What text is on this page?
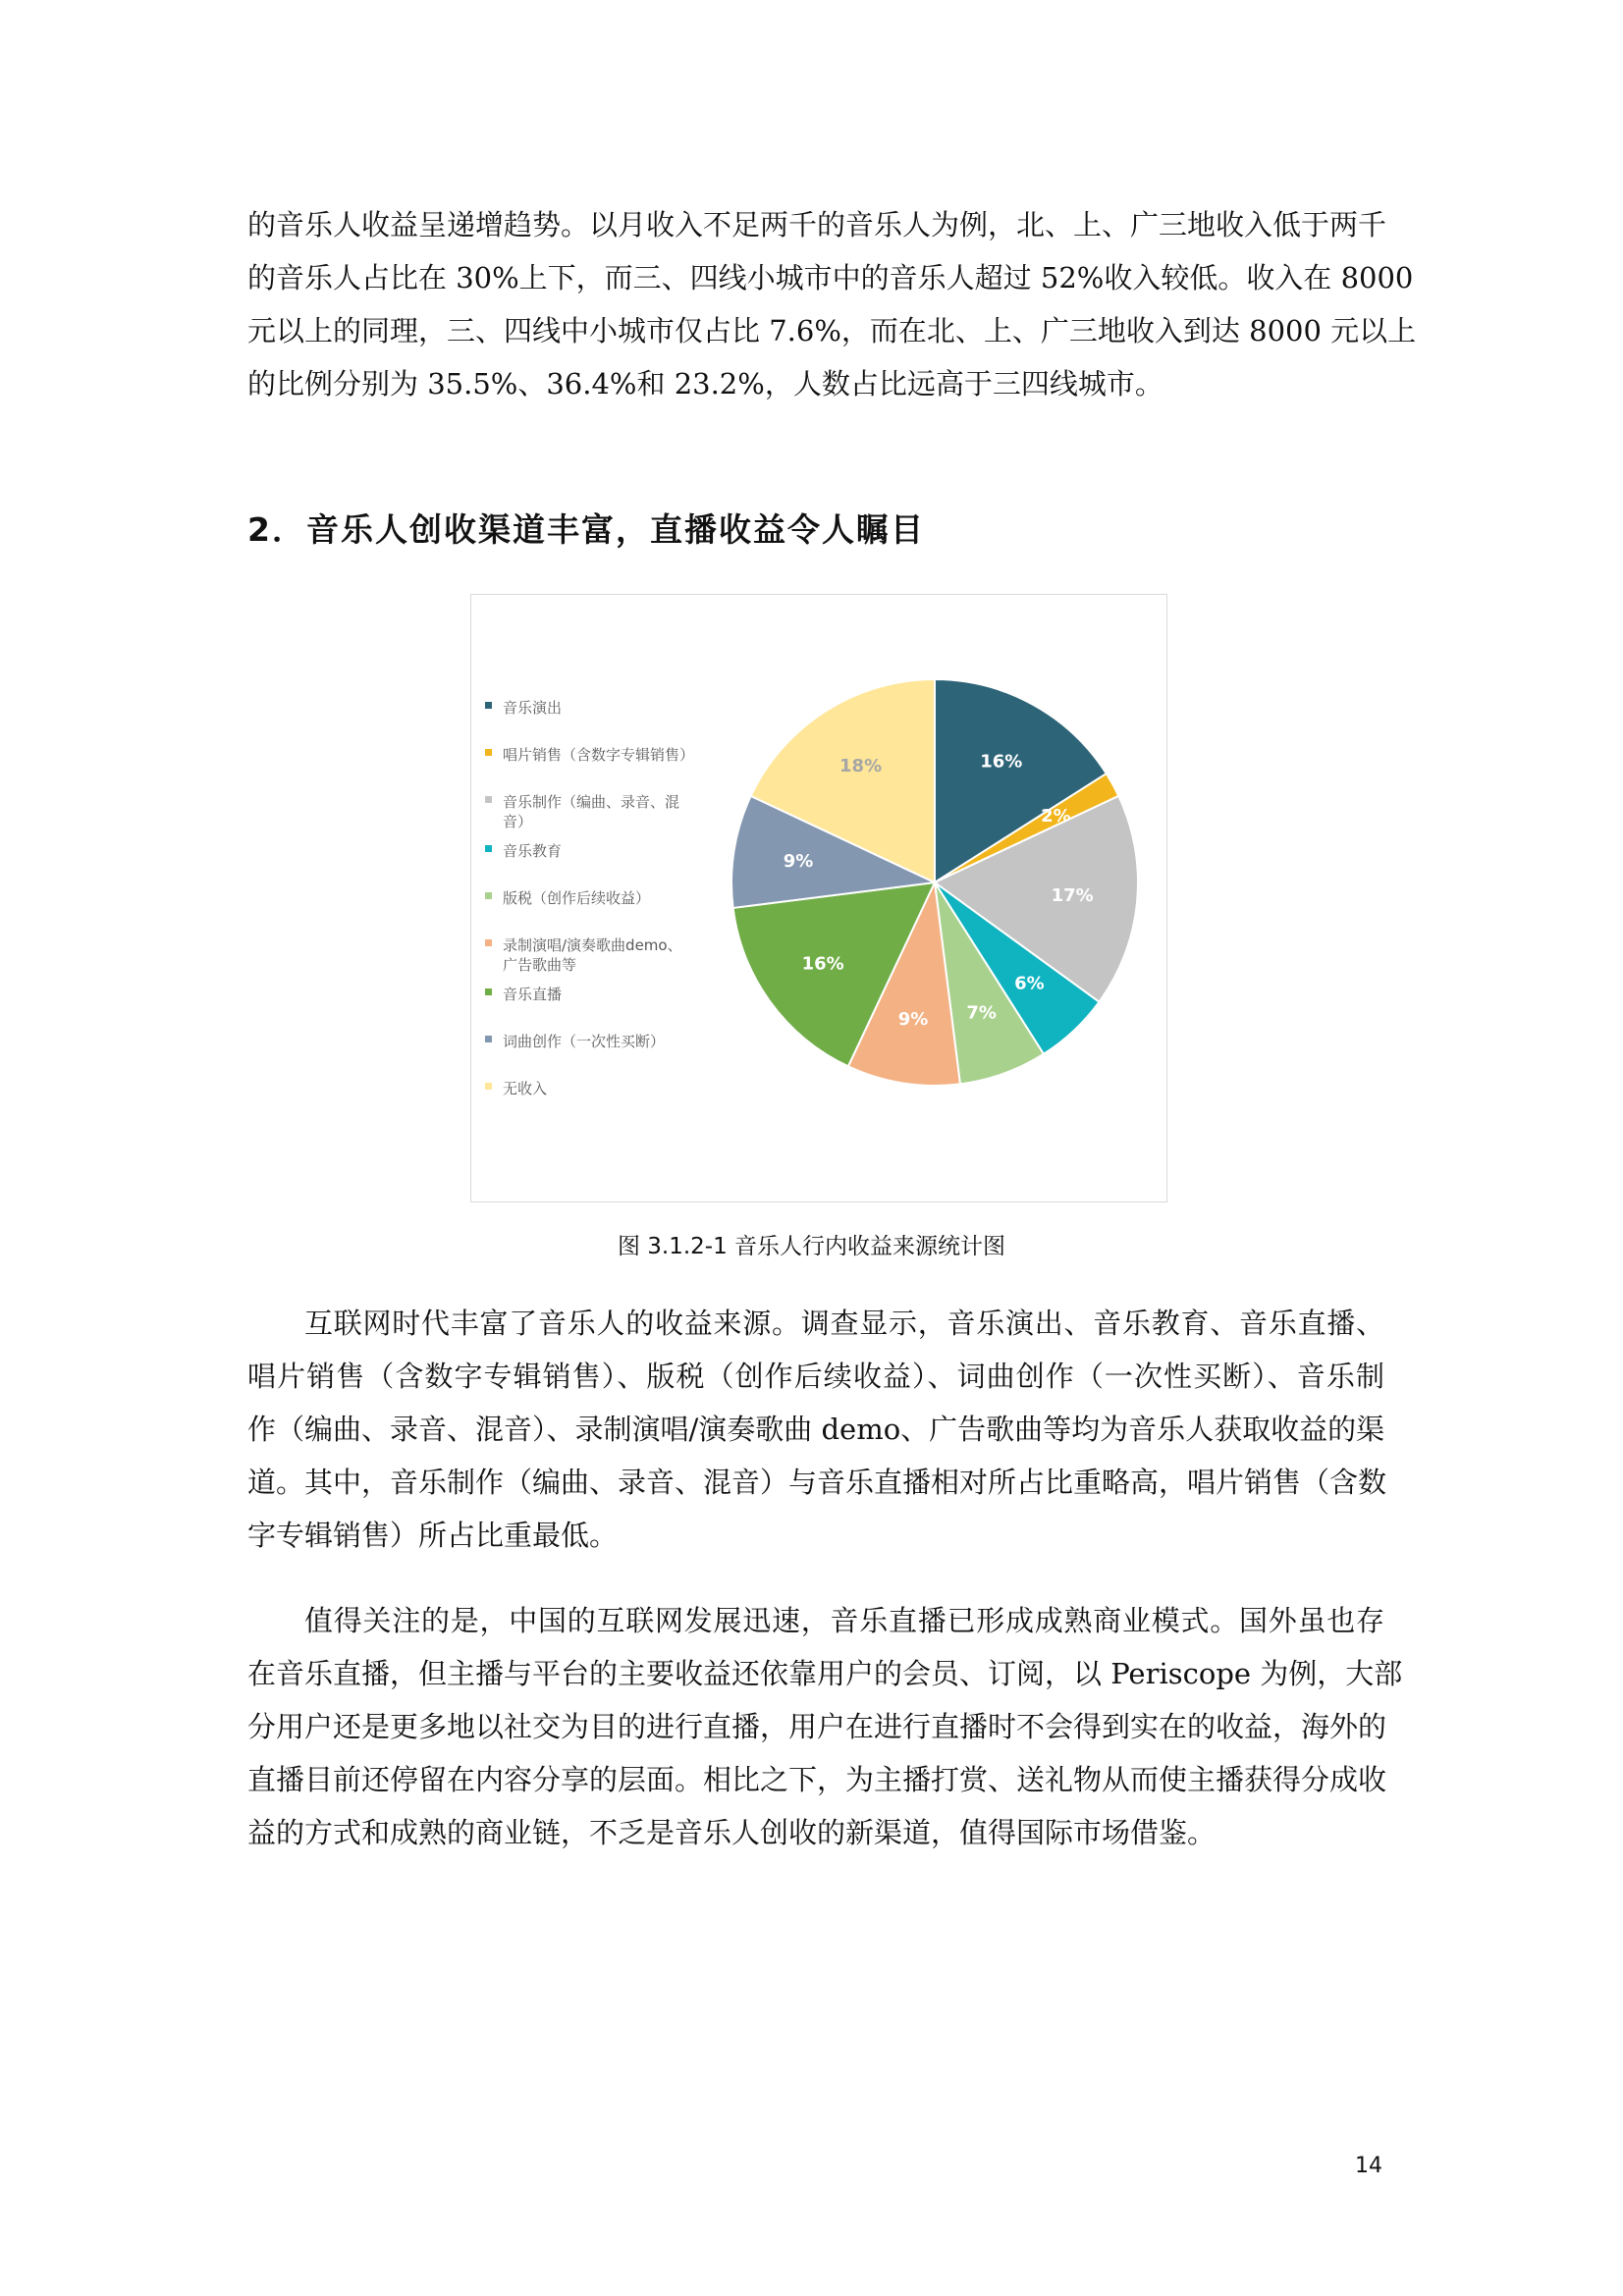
的音乐人收益呈递增趋势。以月收入不足两千的音乐人为例，北、上、广三地收入低于两千
的音乐人占比在 30%上下，而三、四线小城市中的音乐人超过 52%收入较低。收入在 8000
元以上的同理，三、四线中小城市仅占比 7.6%，而在北、上、广三地收入到达 8000 元以上
的比例分别为 35.5%、36.4%和 23.2%，人数占比远高于三四线城市。
2．音乐人创收渠道丰富，直播收益令人瞩目
16%
2%
17%
6%
7%
9%
16%
9%
18%
音乐演出
唱片销售（含数字专辑销售）
音乐制作（编曲、录音、混
音）
音乐教育
版税（创作后续收益）
录制演唱/演奏歌曲demo、
广告歌曲等
音乐直播
词曲创作（一次性买断）
无收入

图 3.1.2-1 音乐人行内收益来源统计图

互联网时代丰富了音乐人的收益来源。调查显示，音乐演出、音乐教育、音乐直播、
唱片销售（含数字专辑销售）、版税（创作后续收益）、词曲创作（一次性买断）、音乐制
作（编曲、录音、混音）、录制演唱/演奏歌曲 demo、广告歌曲等均为音乐人获取收益的渠
道。其中，音乐制作（编曲、录音、混音）与音乐直播相对所占比重略高，唱片销售（含数
字专辑销售）所占比重最低。
值得关注的是，中国的互联网发展迅速，音乐直播已形成成熟商业模式。国外虽也存
在音乐直播，但主播与平台的主要收益还依靠用户的会员、订阅，以 Periscope 为例，大部
分用户还是更多地以社交为目的进行直播，用户在进行直播时不会得到实在的收益，海外的
直播目前还停留在内容分享的层面。相比之下，为主播打赏、送礼物从而使主播获得分成收
益的方式和成熟的商业链，不乏是音乐人创收的新渠道，值得国际市场借鉴。
14
